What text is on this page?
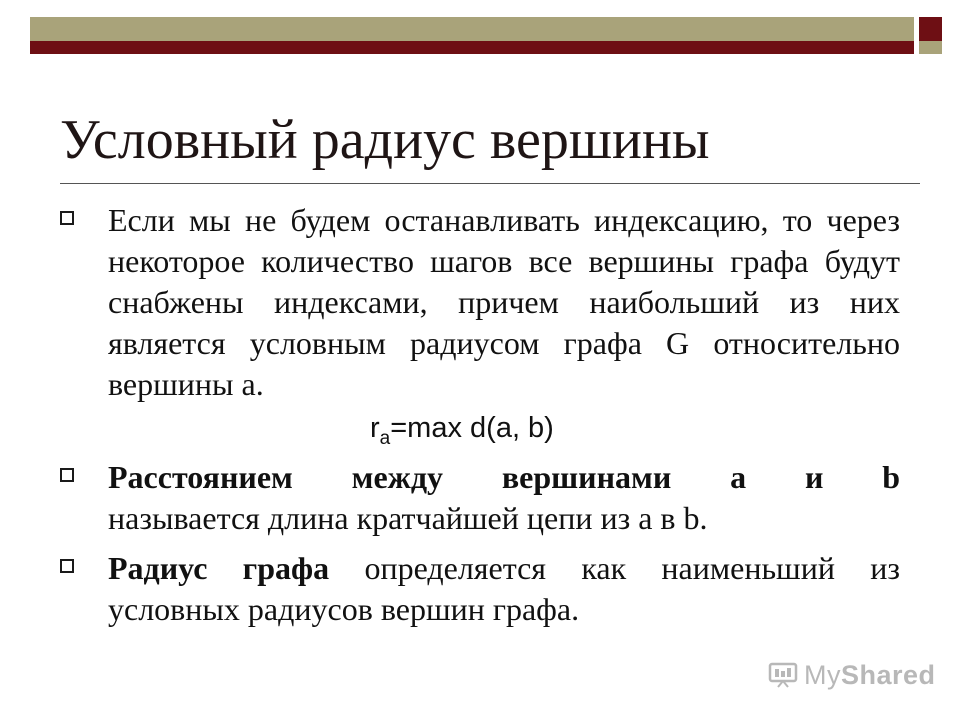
Условный радиус вершины
Если мы не будем останавливать индексацию, то через некоторое количество шагов все вершины графа будут снабжены индексами, причем наибольший из них является условным радиусом графа G относительно вершины а.
$r_a=\max$ d(a, b)
Расстоянием между вершинами a и b
называется длина кратчайшей цепи из a в b.
Радиус графа определяется как наименьший из условных радиусов вершин графа.
MyShared
